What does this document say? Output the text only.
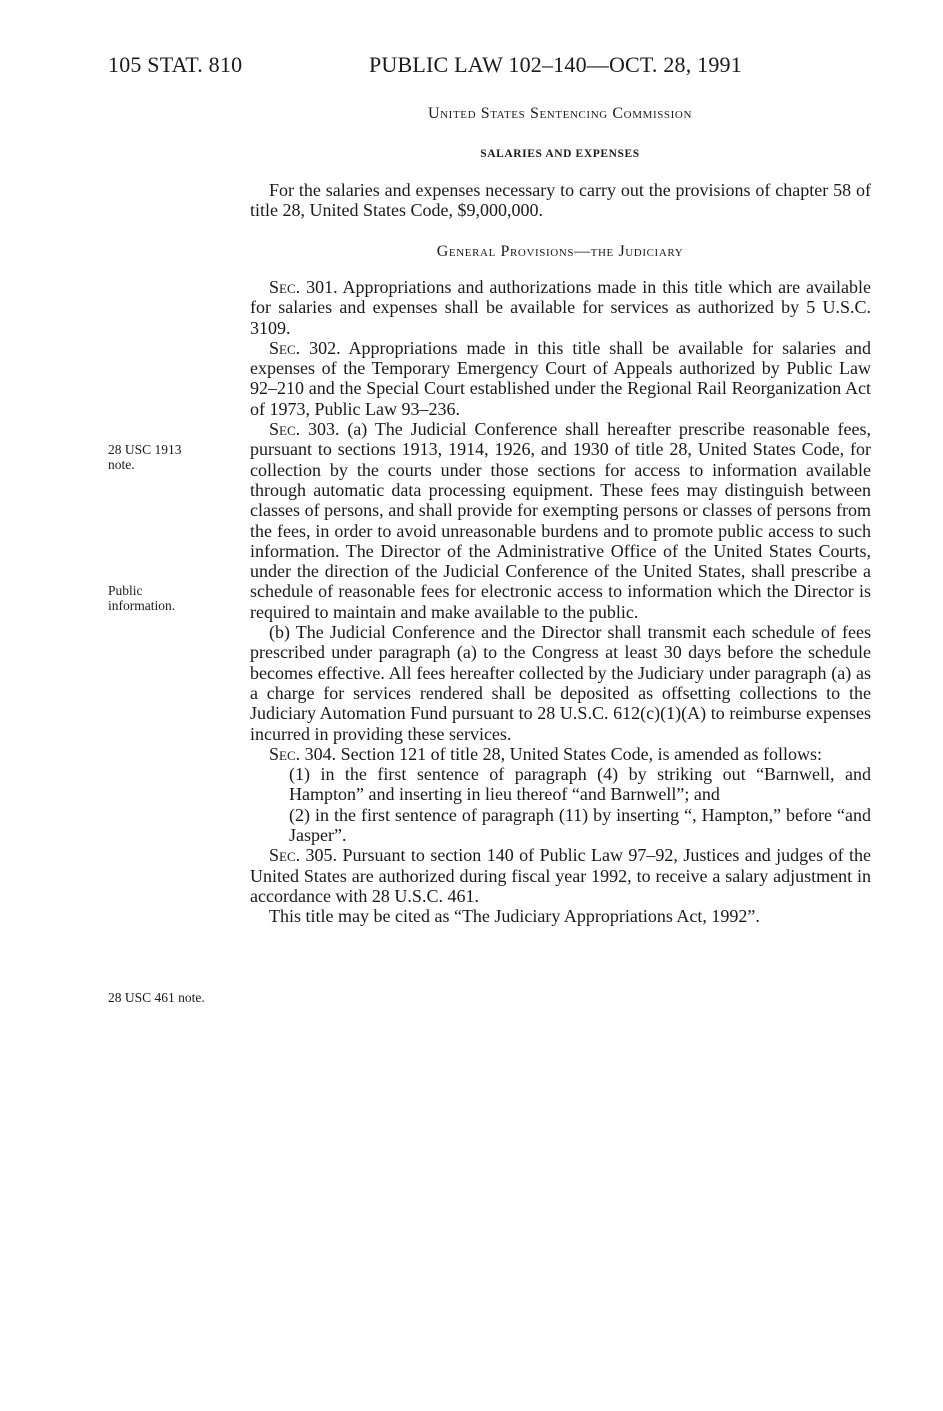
105 STAT. 810	PUBLIC LAW 102–140—OCT. 28, 1991
United States Sentencing Commission
SALARIES AND EXPENSES

For the salaries and expenses necessary to carry out the provisions of chapter 58 of title 28, United States Code, $9,000,000.

General Provisions—the Judiciary

Sec. 301. Appropriations and authorizations made in this title which are available for salaries and expenses shall be available for services as authorized by 5 U.S.C. 3109.

Sec. 302. Appropriations made in this title shall be available for salaries and expenses of the Temporary Emergency Court of Appeals authorized by Public Law 92–210 and the Special Court established under the Regional Rail Reorganization Act of 1973, Public Law 93–236.

Sec. 303. (a) The Judicial Conference shall hereafter prescribe reasonable fees, pursuant to sections 1913, 1914, 1926, and 1930 of title 28, United States Code, for collection by the courts under those sections for access to information available through automatic data processing equipment. These fees may distinguish between classes of persons, and shall provide for exempting persons or classes of persons from the fees, in order to avoid unreasonable burdens and to promote public access to such information. The Director of the Administrative Office of the United States Courts, under the direction of the Judicial Conference of the United States, shall prescribe a schedule of reasonable fees for electronic access to information which the Director is required to maintain and make available to the public.

(b) The Judicial Conference and the Director shall transmit each schedule of fees prescribed under paragraph (a) to the Congress at least 30 days before the schedule becomes effective. All fees hereafter collected by the Judiciary under paragraph (a) as a charge for services rendered shall be deposited as offsetting collections to the Judiciary Automation Fund pursuant to 28 U.S.C. 612(c)(1)(A) to reimburse expenses incurred in providing these services.

Sec. 304. Section 121 of title 28, United States Code, is amended as follows:

(1) in the first sentence of paragraph (4) by striking out “Barnwell, and Hampton” and inserting in lieu thereof “and Barnwell”; and

(2) in the first sentence of paragraph (11) by inserting “, Hampton,” before “and Jasper”.

Sec. 305. Pursuant to section 140 of Public Law 97–92, Justices and judges of the United States are authorized during fiscal year 1992, to receive a salary adjustment in accordance with 28 U.S.C. 461.

This title may be cited as “The Judiciary Appropriations Act, 1992”.

28 USC 1913
note.
Public
information.
28 USC 461 note.
